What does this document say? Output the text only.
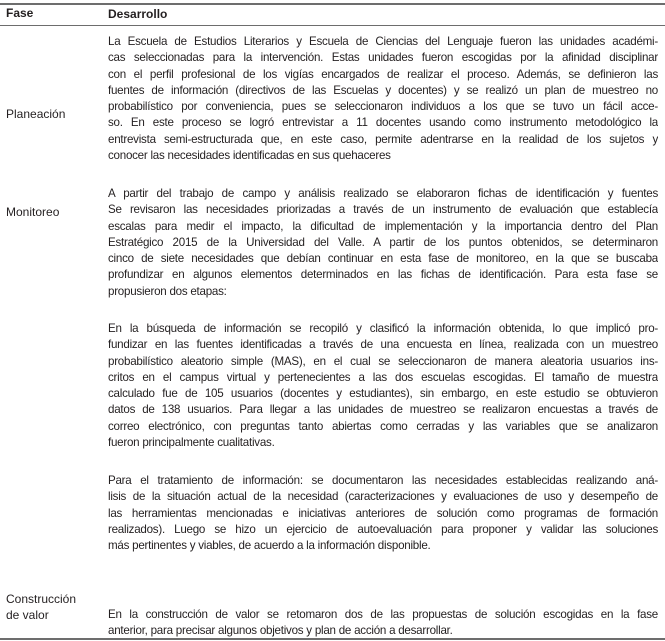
Fase	Desarrollo
Planeación
La Escuela de Estudios Literarios y Escuela de Ciencias del Lenguaje fueron las unidades académi-
cas seleccionadas para la intervención. Estas unidades fueron escogidas por la afinidad disciplinar
con el perfil profesional de los vigías encargados de realizar el proceso. Además, se definieron las
fuentes de información (directivos de las Escuelas y docentes) y se realizó un plan de muestreo no
probabilístico por conveniencia, pues se seleccionaron individuos a los que se tuvo un fácil acce-
so. En este proceso se logró entrevistar a 11 docentes usando como instrumento metodológico la
entrevista semi-estructurada que, en este caso, permite adentrarse en la realidad de los sujetos y
conocer las necesidades identificadas en sus quehaceres
Monitoreo
A partir del trabajo de campo y análisis realizado se elaboraron fichas de identificación y fuentes
Se revisaron las necesidades priorizadas a través de un instrumento de evaluación que establecía
escalas para medir el impacto, la dificultad de implementación y la importancia dentro del Plan
Estratégico 2015 de la Universidad del Valle. A partir de los puntos obtenidos, se determinaron
cinco de siete necesidades que debían continuar en esta fase de monitoreo, en la que se buscaba
profundizar en algunos elementos determinados en las fichas de identificación. Para esta fase se
propusieron dos etapas:
En la búsqueda de información se recopiló y clasificó la información obtenida, lo que implicó pro-
fundizar en las fuentes identificadas a través de una encuesta en línea, realizada con un muestreo
probabilístico aleatorio simple (MAS), en el cual se seleccionaron de manera aleatoria usuarios ins-
critos en el campus virtual y pertenecientes a las dos escuelas escogidas. El tamaño de muestra
calculado fue de 105 usuarios (docentes y estudiantes), sin embargo, en este estudio se obtuvieron
datos de 138 usuarios. Para llegar a las unidades de muestreo se realizaron encuestas a través de
correo electrónico, con preguntas tanto abiertas como cerradas y las variables que se analizaron
fueron principalmente cualitativas.
Para el tratamiento de información: se documentaron las necesidades establecidas realizando aná-
lisis de la situación actual de la necesidad (caracterizaciones y evaluaciones de uso y desempeño de
las herramientas mencionadas e iniciativas anteriores de solución como programas de formación
realizados). Luego se hizo un ejercicio de autoevaluación para proponer y validar las soluciones
más pertinentes y viables, de acuerdo a la información disponible.
Construcción
de valor	En la construcción de valor se retomaron dos de las propuestas de solución escogidas en la fase
anterior, para precisar algunos objetivos y plan de acción a desarrollar.
